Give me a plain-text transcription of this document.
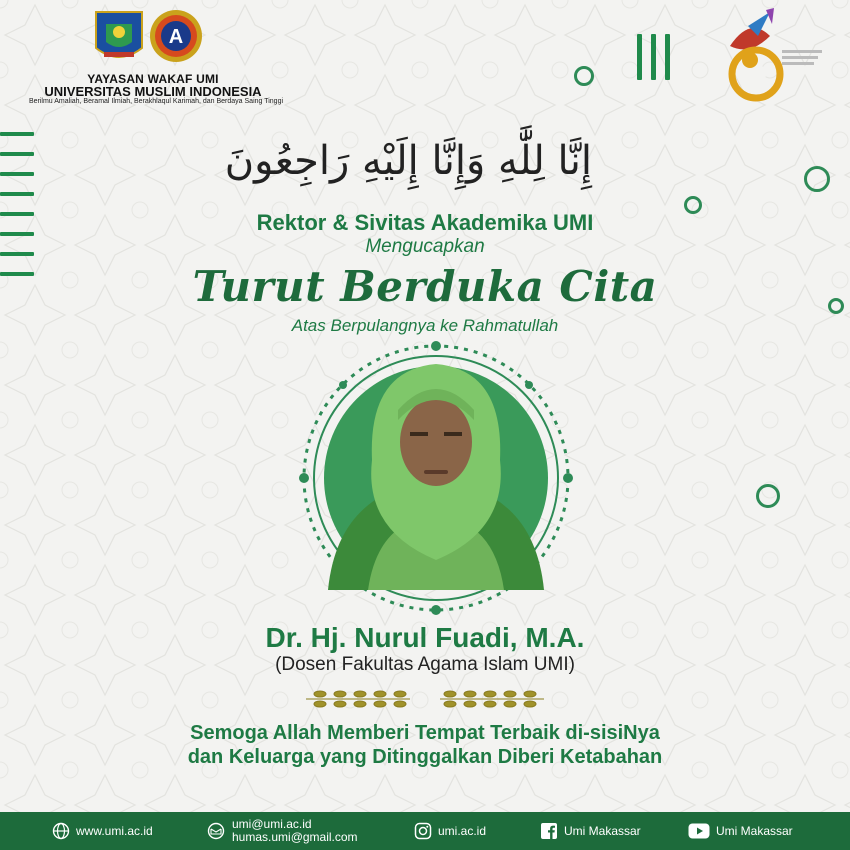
A
YAYASAN WAKAF UMI
UNIVERSITAS MUSLIM INDONESIA
Berilmu Amaliah, Beramal Ilmiah, Berakhlaqul Karimah, dan Berdaya Saing Tinggi
إِنَّا لِلَّٰهِ وَإِنَّا إِلَيْهِ رَاجِعُونَ
Rektor & Sivitas Akademika UMI
Mengucapkan
Turut Berduka Cita
Atas Berpulangnya ke Rahmatullah
Dr. Hj. Nurul Fuadi, M.A.
(Dosen Fakultas Agama Islam UMI)
Semoga Allah Memberi Tempat Terbaik di-sisiNya
dan Keluarga yang Ditinggalkan Diberi Ketabahan
www.umi.ac.id	umi@umi.ac.id
humas.umi@gmail.com	umi.ac.id	Umi Makassar	Umi Makassar
